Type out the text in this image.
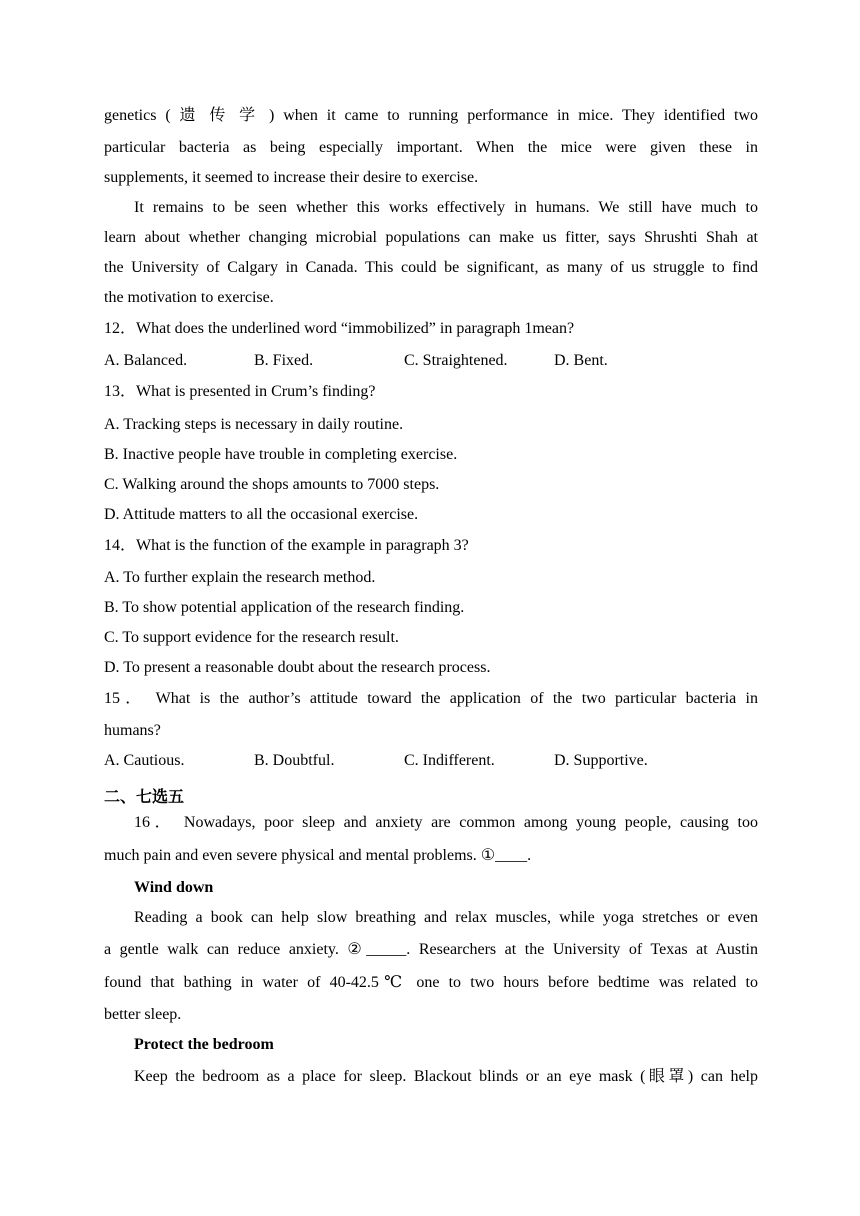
genetics ( 遗 传 学 ) when it came to running performance in mice. They identified two
particular bacteria as being especially important. When the mice were given these in
supplements, it seemed to increase their desire to exercise.
It remains to be seen whether this works effectively in humans. We still have much to
learn about whether changing microbial populations can make us fitter, says Shrushti Shah at
the University of Calgary in Canada. This could be significant, as many of us struggle to find
the motivation to exercise.
12．What does the underlined word “immobilized” in paragraph 1mean?
A. Balanced.	B. Fixed.	C. Straightened.	D. Bent.
13．What is presented in Crum’s finding?
A. Tracking steps is necessary in daily routine.
B. Inactive people have trouble in completing exercise.
C. Walking around the shops amounts to 7000 steps.
D. Attitude matters to all the occasional exercise.
14．What is the function of the example in paragraph 3?
A. To further explain the research method.
B. To show potential application of the research finding.
C. To support evidence for the research result.
D. To present a reasonable doubt about the research process.
15． What is the author’s attitude toward the application of the two particular bacteria in
humans?
A. Cautious.	B. Doubtful.	C. Indifferent.	D. Supportive.
二、七选五
16． Nowadays, poor sleep and anxiety are common among young people, causing too
much pain and even severe physical and mental problems. ①____.
Wind down
Reading a book can help slow breathing and relax muscles, while yoga stretches or even
a gentle walk can reduce anxiety. ②_____. Researchers at the University of Texas at Austin
found that bathing in water of 40-42.5℃ one to two hours before bedtime was related to
better sleep.
Protect the bedroom
Keep the bedroom as a place for sleep. Blackout blinds or an eye mask (眼罩) can help
